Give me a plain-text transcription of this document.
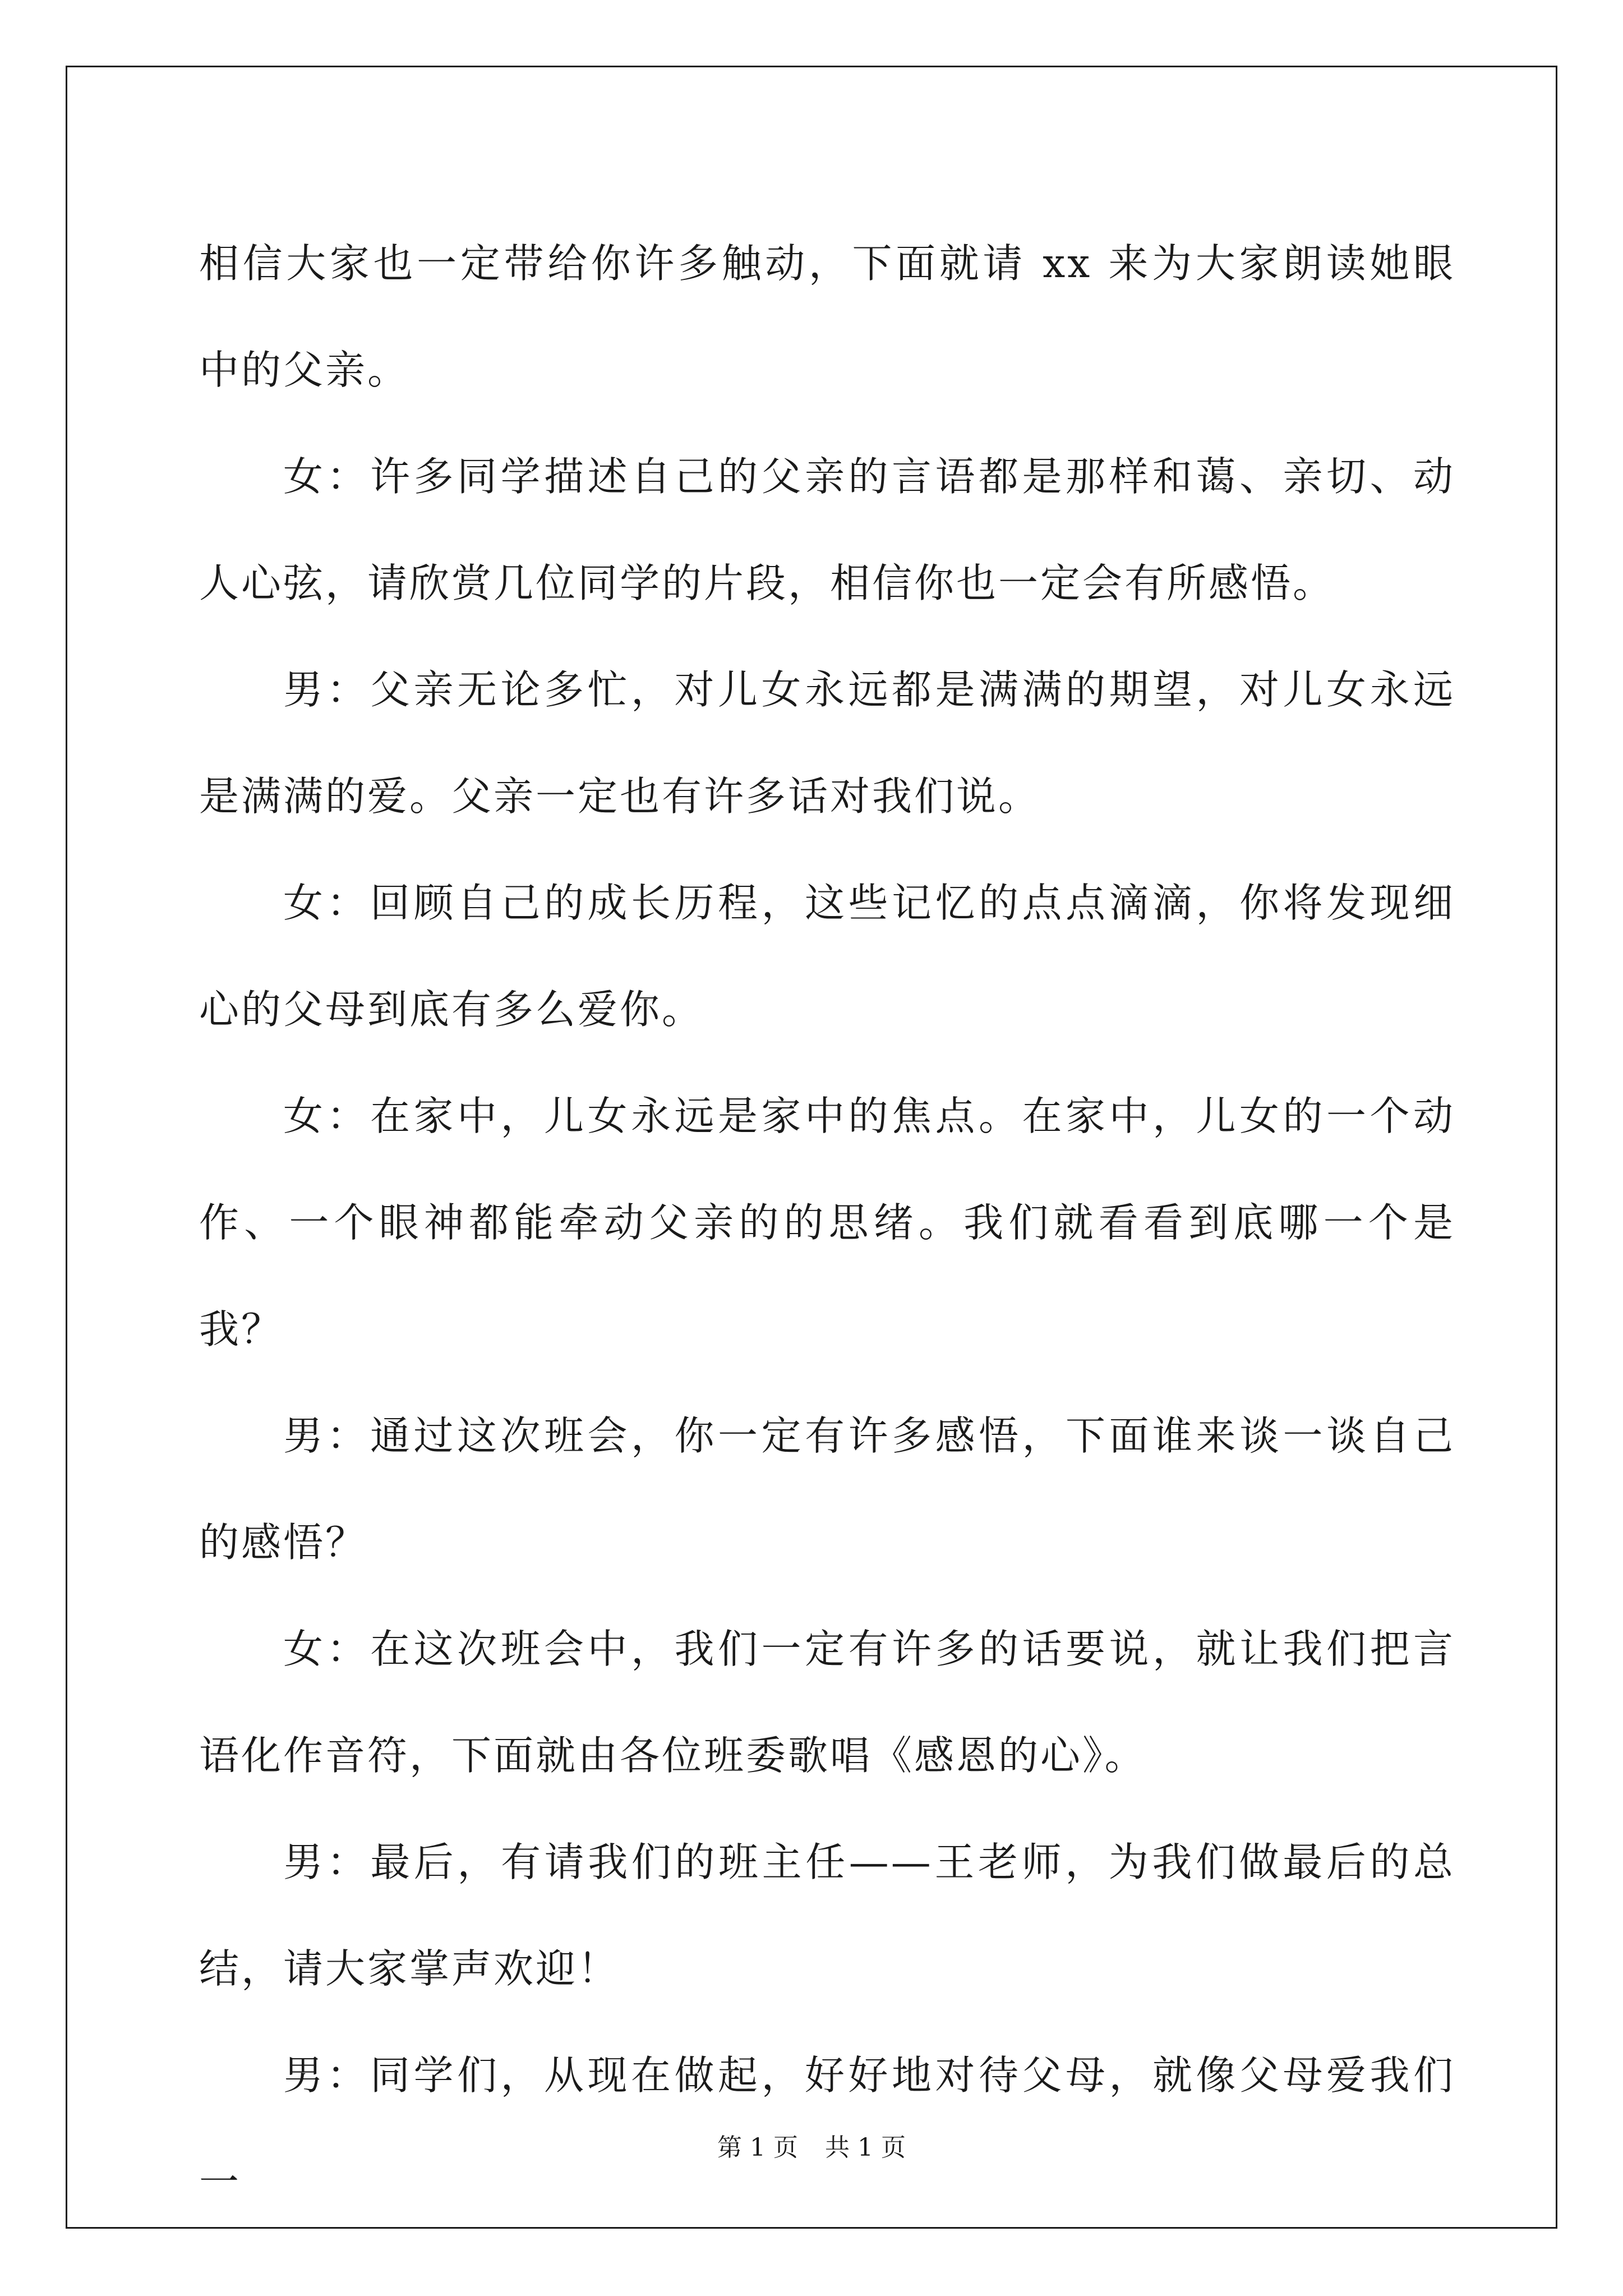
相信大家也一定带给你许多触动，下面就请 xx 来为大家朗读她眼中的父亲。

女：许多同学描述自己的父亲的言语都是那样和蔼、亲切、动人心弦，请欣赏几位同学的片段，相信你也一定会有所感悟。

男：父亲无论多忙，对儿女永远都是满满的期望，对儿女永远是满满的爱。父亲一定也有许多话对我们说。

女：回顾自己的成长历程，这些记忆的点点滴滴，你将发现细心的父母到底有多么爱你。

女：在家中，儿女永远是家中的焦点。在家中，儿女的一个动作、一个眼神都能牵动父亲的的思绪。我们就看看到底哪一个是我？

男：通过这次班会，你一定有许多感悟，下面谁来谈一谈自己的感悟？

女：在这次班会中，我们一定有许多的话要说，就让我们把言语化作音符，下面就由各位班委歌唱《感恩的心》。

男：最后，有请我们的班主任——王老师，为我们做最后的总结，请大家掌声欢迎！

男：同学们，从现在做起，好好地对待父母，就像父母爱我们一

第 1 页 共 1 页
